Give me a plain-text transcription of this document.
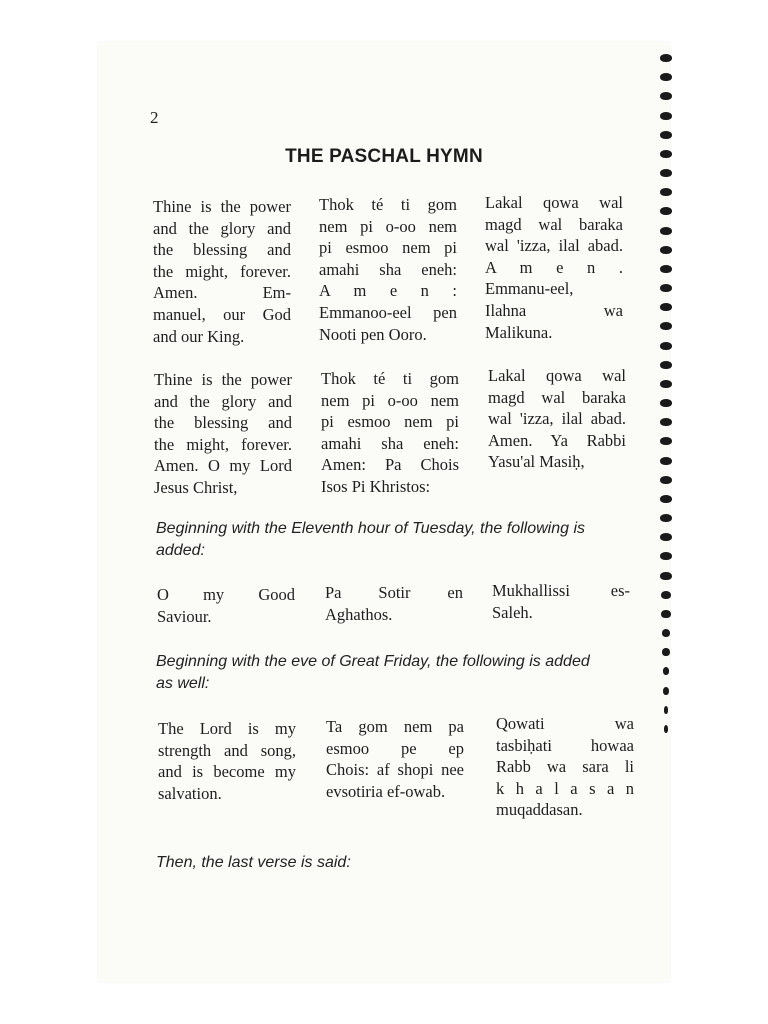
2
THE PASCHAL HYMN
Thine is the power
and the glory and
the blessing and
the might, forever.
Amen. Em-
manuel, our God
and our King.
Thok té ti gom
nem pi o-oo nem
pi esmoo nem pi
amahi sha eneh:
A m e n :
Emmanoo-eel pen
Nooti pen Ooro.
Lakal qowa wal
magd wal baraka
wal 'izza, ilal abad.
A m e n .
Emmanu-eel,
Ilahna wa
Malikuna.
Thine is the power
and the glory and
the blessing and
the might, forever.
Amen. O my Lord
Jesus Christ,
Thok té ti gom
nem pi o-oo nem
pi esmoo nem pi
amahi sha eneh:
Amen: Pa Chois
Isos Pi Khristos:
Lakal qowa wal
magd wal baraka
wal 'izza, ilal abad.
Amen. Ya Rabbi
Yasu'al Masiḥ,
Beginning with the Eleventh hour of Tuesday, the following is
added:
O my Good
Saviour.
Pa Sotir en
Aghathos.
Mukhallissi es-
Saleh.
Beginning with the eve of Great Friday, the following is added
as well:
The Lord is my
strength and song,
and is become my
salvation.
Ta gom nem pa
esmoo pe ep
Chois: af shopi nee
evsotiria ef-owab.
Qowati wa
tasbiḥati howaa
Rabb wa sara li
k h a l a s a n
muqaddasan.
Then, the last verse is said:
